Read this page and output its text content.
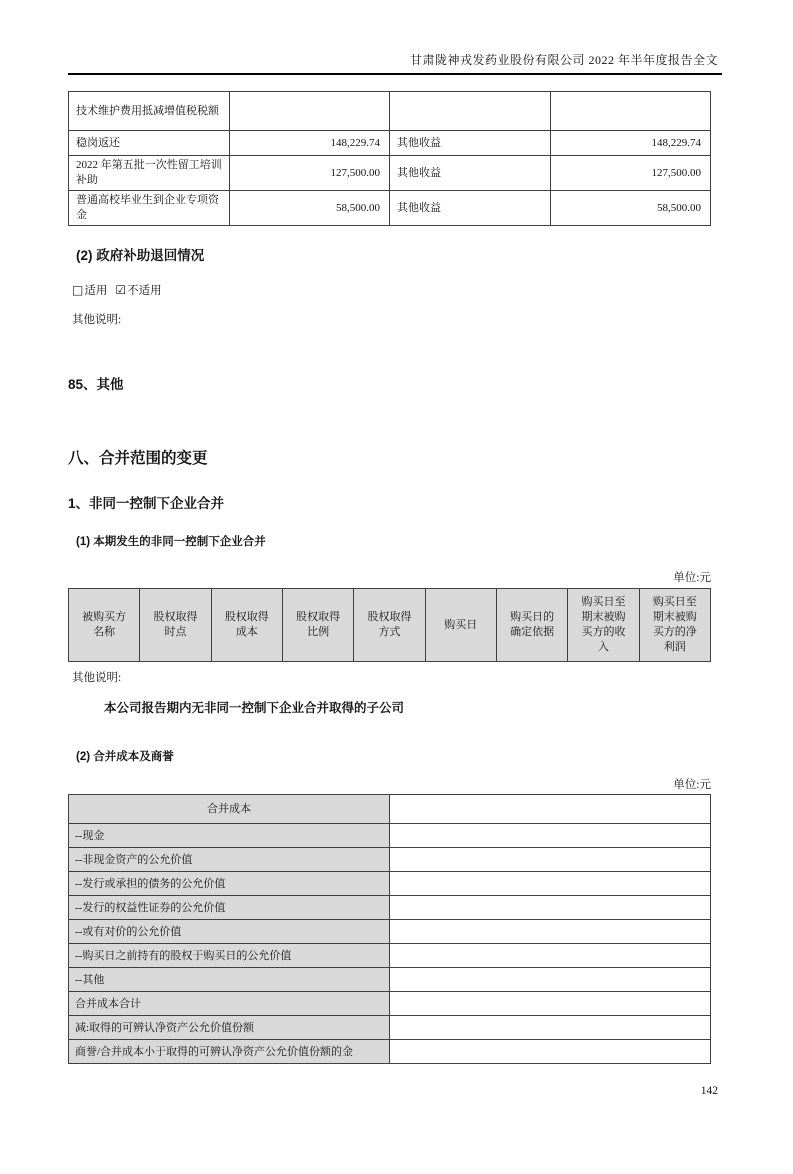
甘肃陇神戎发药业股份有限公司 2022 年半年度报告全文
技术维护费用抵减增值税税额			
稳岗返还	148,229.74	其他收益	148,229.74
2022 年第五批一次性留工培训补助	127,500.00	其他收益	127,500.00
普通高校毕业生到企业专项资金	58,500.00	其他收益	58,500.00
(2) 政府补助退回情况
□适用 ☑不适用
其他说明:
85、其他
八、合并范围的变更
1、非同一控制下企业合并
(1) 本期发生的非同一控制下企业合并
单位:元
被购买方名称	股权取得时点	股权取得成本	股权取得比例	股权取得方式	购买日	购买日的确定依据	购买日至期末被购买方的收入	购买日至期末被购买方的净利润
其他说明:
本公司报告期内无非同一控制下企业合并取得的子公司
(2) 合并成本及商誉
单位:元
合并成本	
--现金	
--非现金资产的公允价值	
--发行或承担的债务的公允价值	
--发行的权益性证券的公允价值	
--或有对价的公允价值	
--购买日之前持有的股权于购买日的公允价值	
--其他	
合并成本合计	
减:取得的可辨认净资产公允价值份额	
商誉/合并成本小于取得的可辨认净资产公允价值份额的金	
142
